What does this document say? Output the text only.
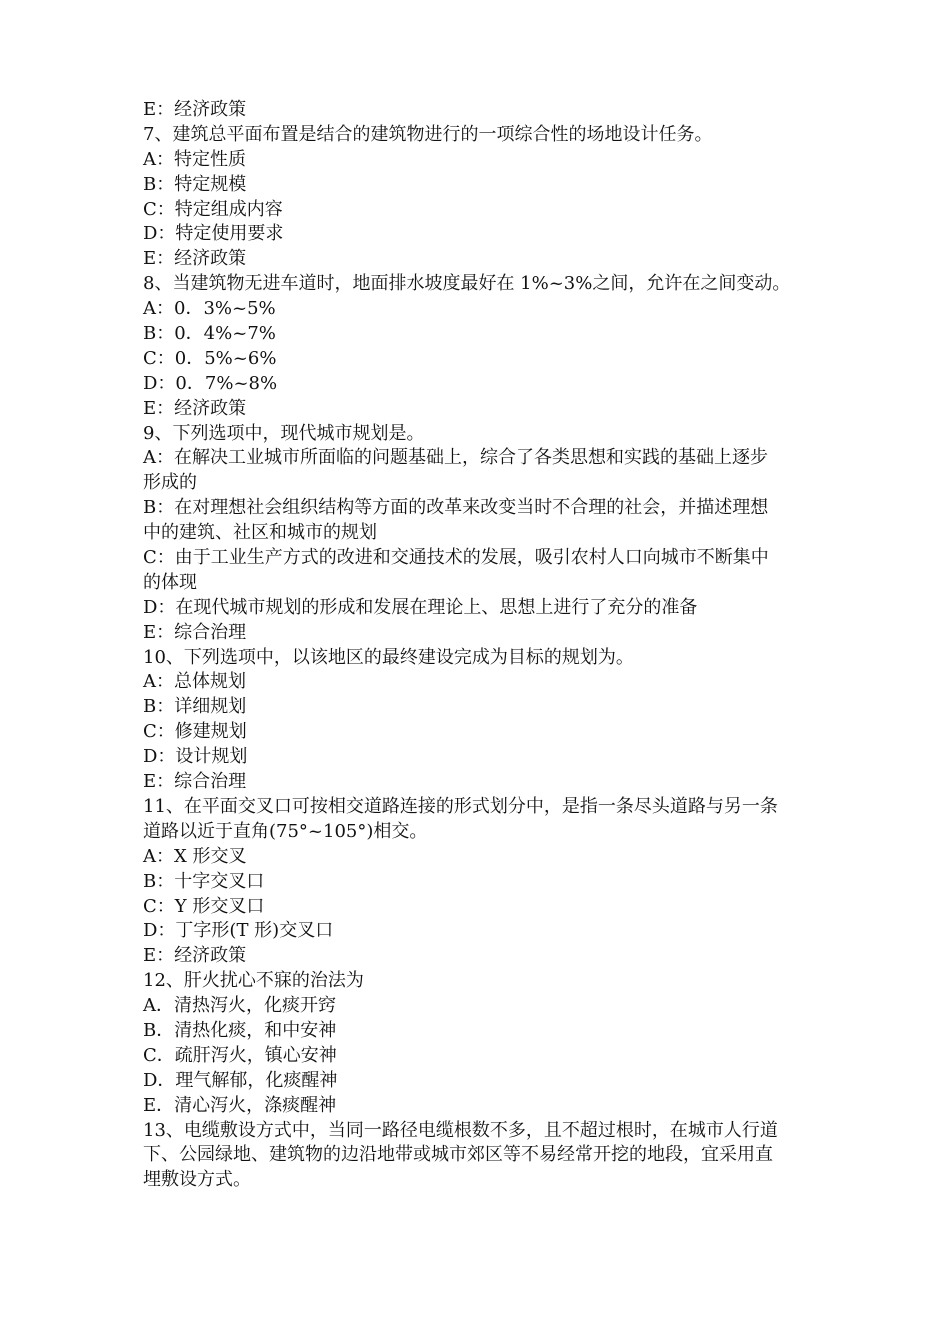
E：经济政策

7、建筑总平面布置是结合的建筑物进行的一项综合性的场地设计任务。

A：特定性质

B：特定规模

C：特定组成内容

D：特定使用要求

E：经济政策

8、当建筑物无进车道时，地面排水坡度最好在 1%~3%之间，允许在之间变动。

A：0．3%~5%

B：0．4%~7%

C：0．5%~6%

D：0．7%~8%

E：经济政策

9、下列选项中，现代城市规划是。

A：在解决工业城市所面临的问题基础上，综合了各类思想和实践的基础上逐步

形成的

B：在对理想社会组织结构等方面的改革来改变当时不合理的社会，并描述理想

中的建筑、社区和城市的规划

C：由于工业生产方式的改进和交通技术的发展，吸引农村人口向城市不断集中

的体现

D：在现代城市规划的形成和发展在理论上、思想上进行了充分的准备

E：综合治理

10、下列选项中，以该地区的最终建设完成为目标的规划为。

A：总体规划

B：详细规划

C：修建规划

D：设计规划

E：综合治理

11、在平面交叉口可按相交道路连接的形式划分中，是指一条尽头道路与另一条

道路以近于直角(75°~105°)相交。

A：X 形交叉

B：十字交叉口

C：Y 形交叉口

D：丁字形(T 形)交叉口

E：经济政策

12、肝火扰心不寐的治法为

A．清热泻火，化痰开窍

B．清热化痰，和中安神

C．疏肝泻火，镇心安神

D．理气解郁，化痰醒神

E．清心泻火，涤痰醒神

13、电缆敷设方式中，当同一路径电缆根数不多，且不超过根时，在城市人行道

下、公园绿地、建筑物的边沿地带或城市郊区等不易经常开挖的地段，宜采用直

埋敷设方式。
